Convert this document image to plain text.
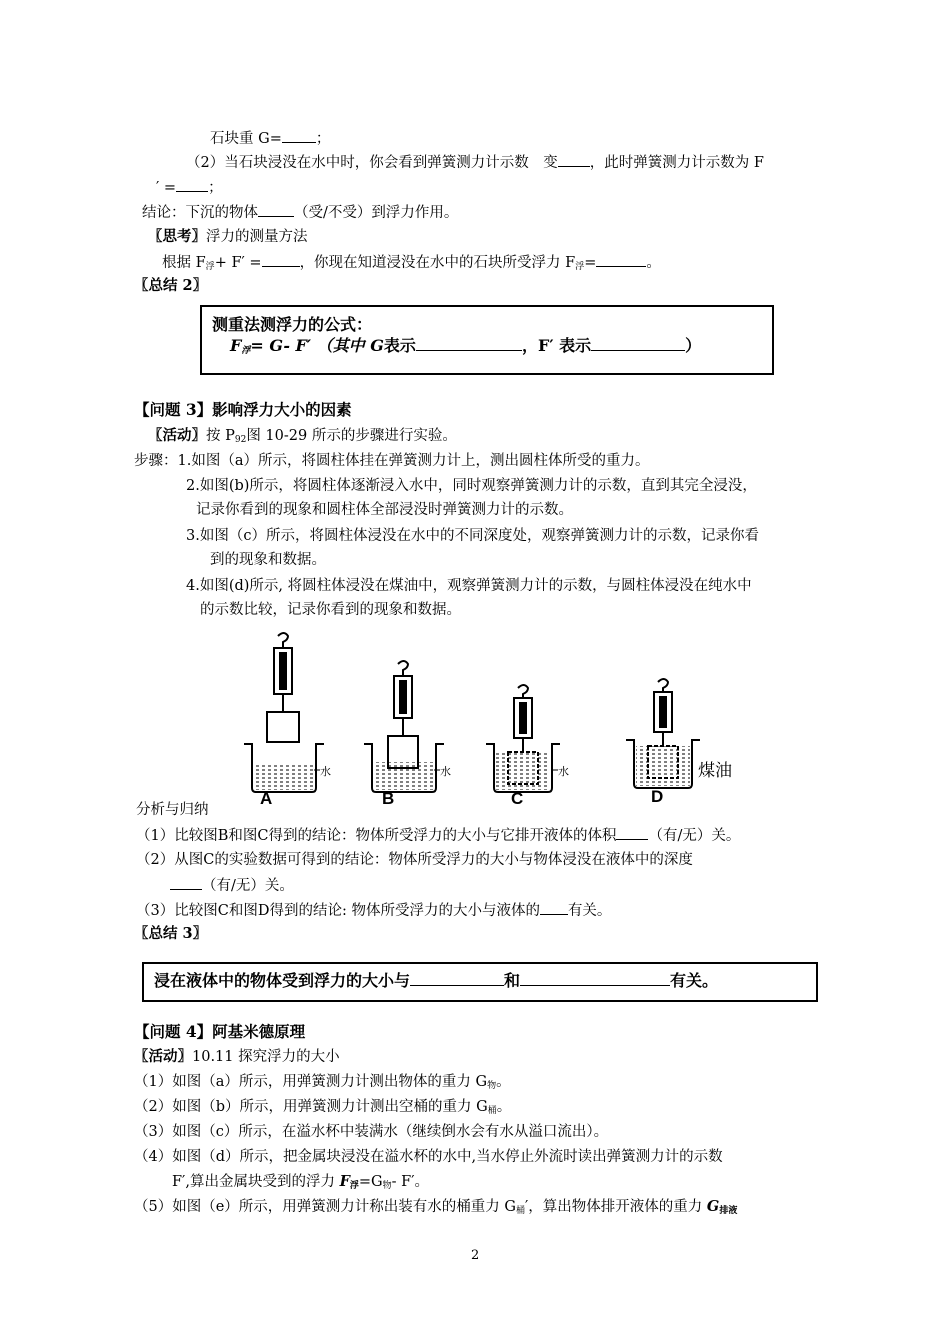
石块重 G= ；
（2）当石块浸没在水中时，你会看到弹簧测力计示数　变 ，此时弹簧测力计示数为 F
′ = ；
结论：下沉的物体 （受/不受）到浮力作用。
〖思考〗浮力的测量方法
根据 $F_浮+ F'$ =	，你现在知道浸没在水中的石块所受浮力 $F_浮=$	。
〖总结 2〗
测重法测浮力的公式：
$F_浮= G-$ F′ （其中 G表示	，F′ 表示	）
【问题 3】影响浮力大小的因素
〖活动〗按 $P_{92}$图 10-29 所示的步骤进行实验。
步骤：1.如图（a）所示，将圆柱体挂在弹簧测力计上，测出圆柱体所受的重力。
2.如图(b)所示，将圆柱体逐渐浸入水中，同时观察弹簧测力计的示数，直到其完全浸没，
记录你看到的现象和圆柱体全部浸没时弹簧测力计的示数。
3.如图（c）所示，将圆柱体浸没在水中的不同深度处，观察弹簧测力计的示数，记录你看
到的现象和数据。
4.如图(d)所示, 将圆柱体浸没在煤油中，观察弹簧测力计的示数，与圆柱体浸没在纯水中
的示数比较，记录你看到的现象和数据。
水
A
水
B
水
C
煤油
D
分析与归纳
（1）比较图B和图C得到的结论：物体所受浮力的大小与它排开液体的体积 （有/无）关。
（2）从图C的实验数据可得到的结论：物体所受浮力的大小与物体浸没在液体中的深度
（有/无）关。
（3）比较图C和图D得到的结论: 物体所受浮力的大小与液体的 有关。
〖总结 3〗
浸在液体中的物体受到浮力的大小与	和	有关。
【问题 4】阿基米德原理
〖活动〗10.11 探究浮力的大小
（1）如图（a）所示，用弹簧测力计测出物体的重力 $G_物$。
（2）如图（b）所示，用弹簧测力计测出空桶的重力 $G_桶$。
（3）如图（c）所示，在溢水杯中装满水（继续倒水会有水从溢口流出）。
（4）如图（d）所示，把金属块浸没在溢水杯的水中,当水停止外流时读出弹簧测力计的示数
F′,算出金属块受到的浮力 $F_浮=G_物-$ F′。
（5）如图（e）所示，用弹簧测力计称出装有水的桶重力 $G_桶'$，算出物体排开液体的重力 $G_{排液}$
2
